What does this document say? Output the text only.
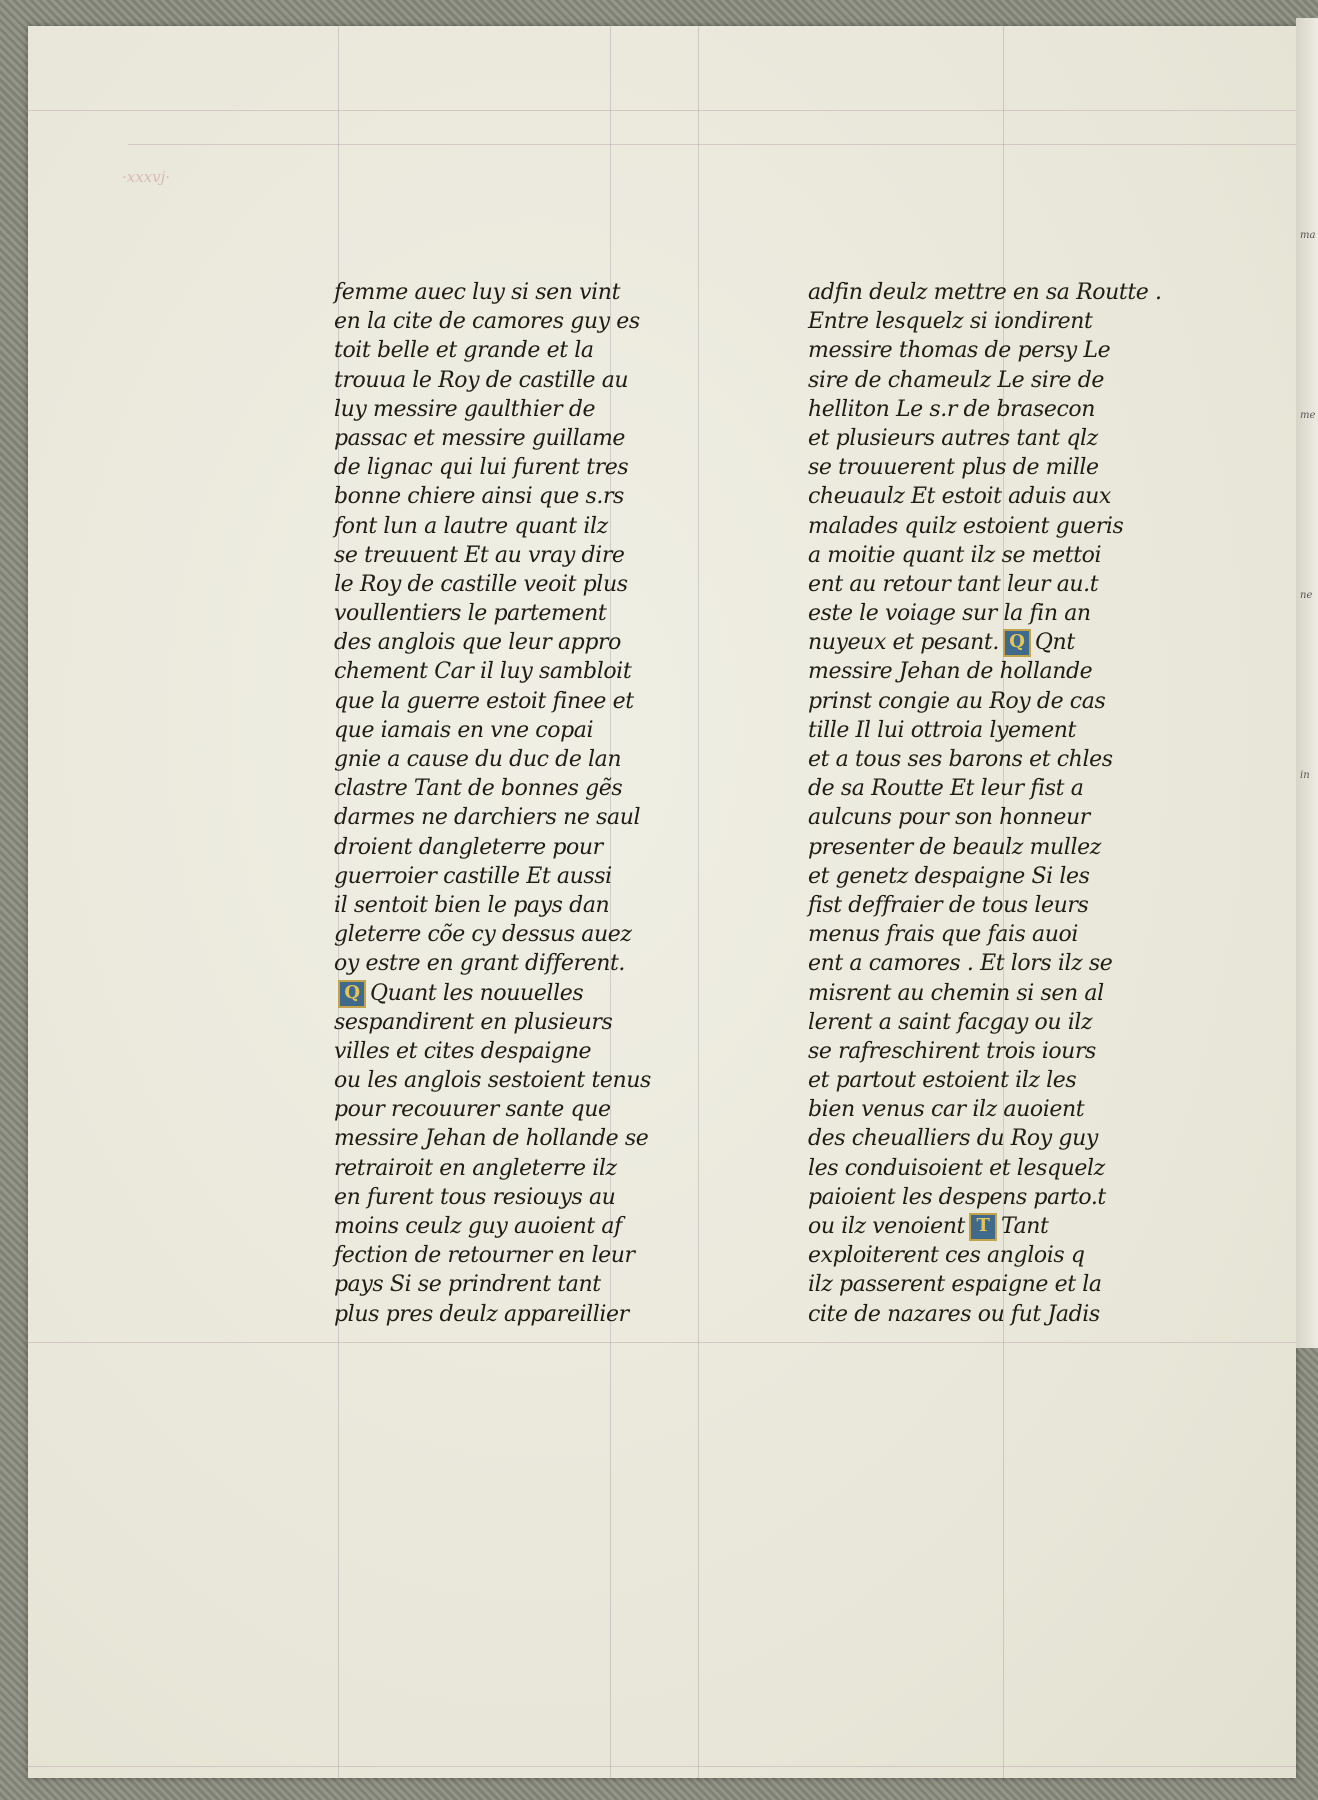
·xxxvj·
femme auec luy si sen vint
en la cite de camores guy es
toit belle et grande et la
trouua le Roy de castille au
luy messire gaulthier de
passac et messire guillame
de lignac qui lui furent tres
bonne chiere ainsi que s.rs
font lun a lautre quant ilz
se treuuent Et au vray dire
le Roy de castille veoit plus
voullentiers le partement
des anglois que leur appro
chement Car il luy sambloit
que la guerre estoit finee et
que iamais en vne copai
gnie a cause du duc de lan
clastre Tant de bonnes gẽs
darmes ne darchiers ne saul
droient dangleterre pour
guerroier castille Et aussi
il sentoit bien le pays dan
gleterre cõe cy dessus auez
oy estre en grant different.
Q Quant les nouuelles
sespandirent en plusieurs
villes et cites despaigne
ou les anglois sestoient tenus
pour recouurer sante que
messire Jehan de hollande se
retrairoit en angleterre ilz
en furent tous resiouys au
moins ceulz guy auoient af
fection de retourner en leur
pays Si se prindrent tant
plus pres deulz appareillier
adfin deulz mettre en sa Routte .
Entre lesquelz si iondirent
messire thomas de persy Le
sire de chameulz Le sire de
helliton Le s.r de brasecon
et plusieurs autres tant qlz
se trouuerent plus de mille
cheuaulz Et estoit aduis aux
malades quilz estoient gueris
a moitie quant ilz se mettoi
ent au retour tant leur au.t
este le voiage sur la fin an
nuyeux et pesant. Q Qnt
messire Jehan de hollande
prinst congie au Roy de cas
tille Il lui ottroia lyement
et a tous ses barons et chles
de sa Routte Et leur fist a
aulcuns pour son honneur
presenter de beaulz mullez
et genetz despaigne Si les
fist deffraier de tous leurs
menus frais que fais auoi
ent a camores . Et lors ilz se
misrent au chemin si sen al
lerent a saint facgay ou ilz
se rafreschirent trois iours
et partout estoient ilz les
bien venus car ilz auoient
des cheualliers du Roy guy
les conduisoient et lesquelz
paioient les despens parto.t
ou ilz venoient T Tant
exploiterent ces anglois q
ilz passerent espaigne et la
cite de nazares ou fut Jadis
ma
me
ne
in
